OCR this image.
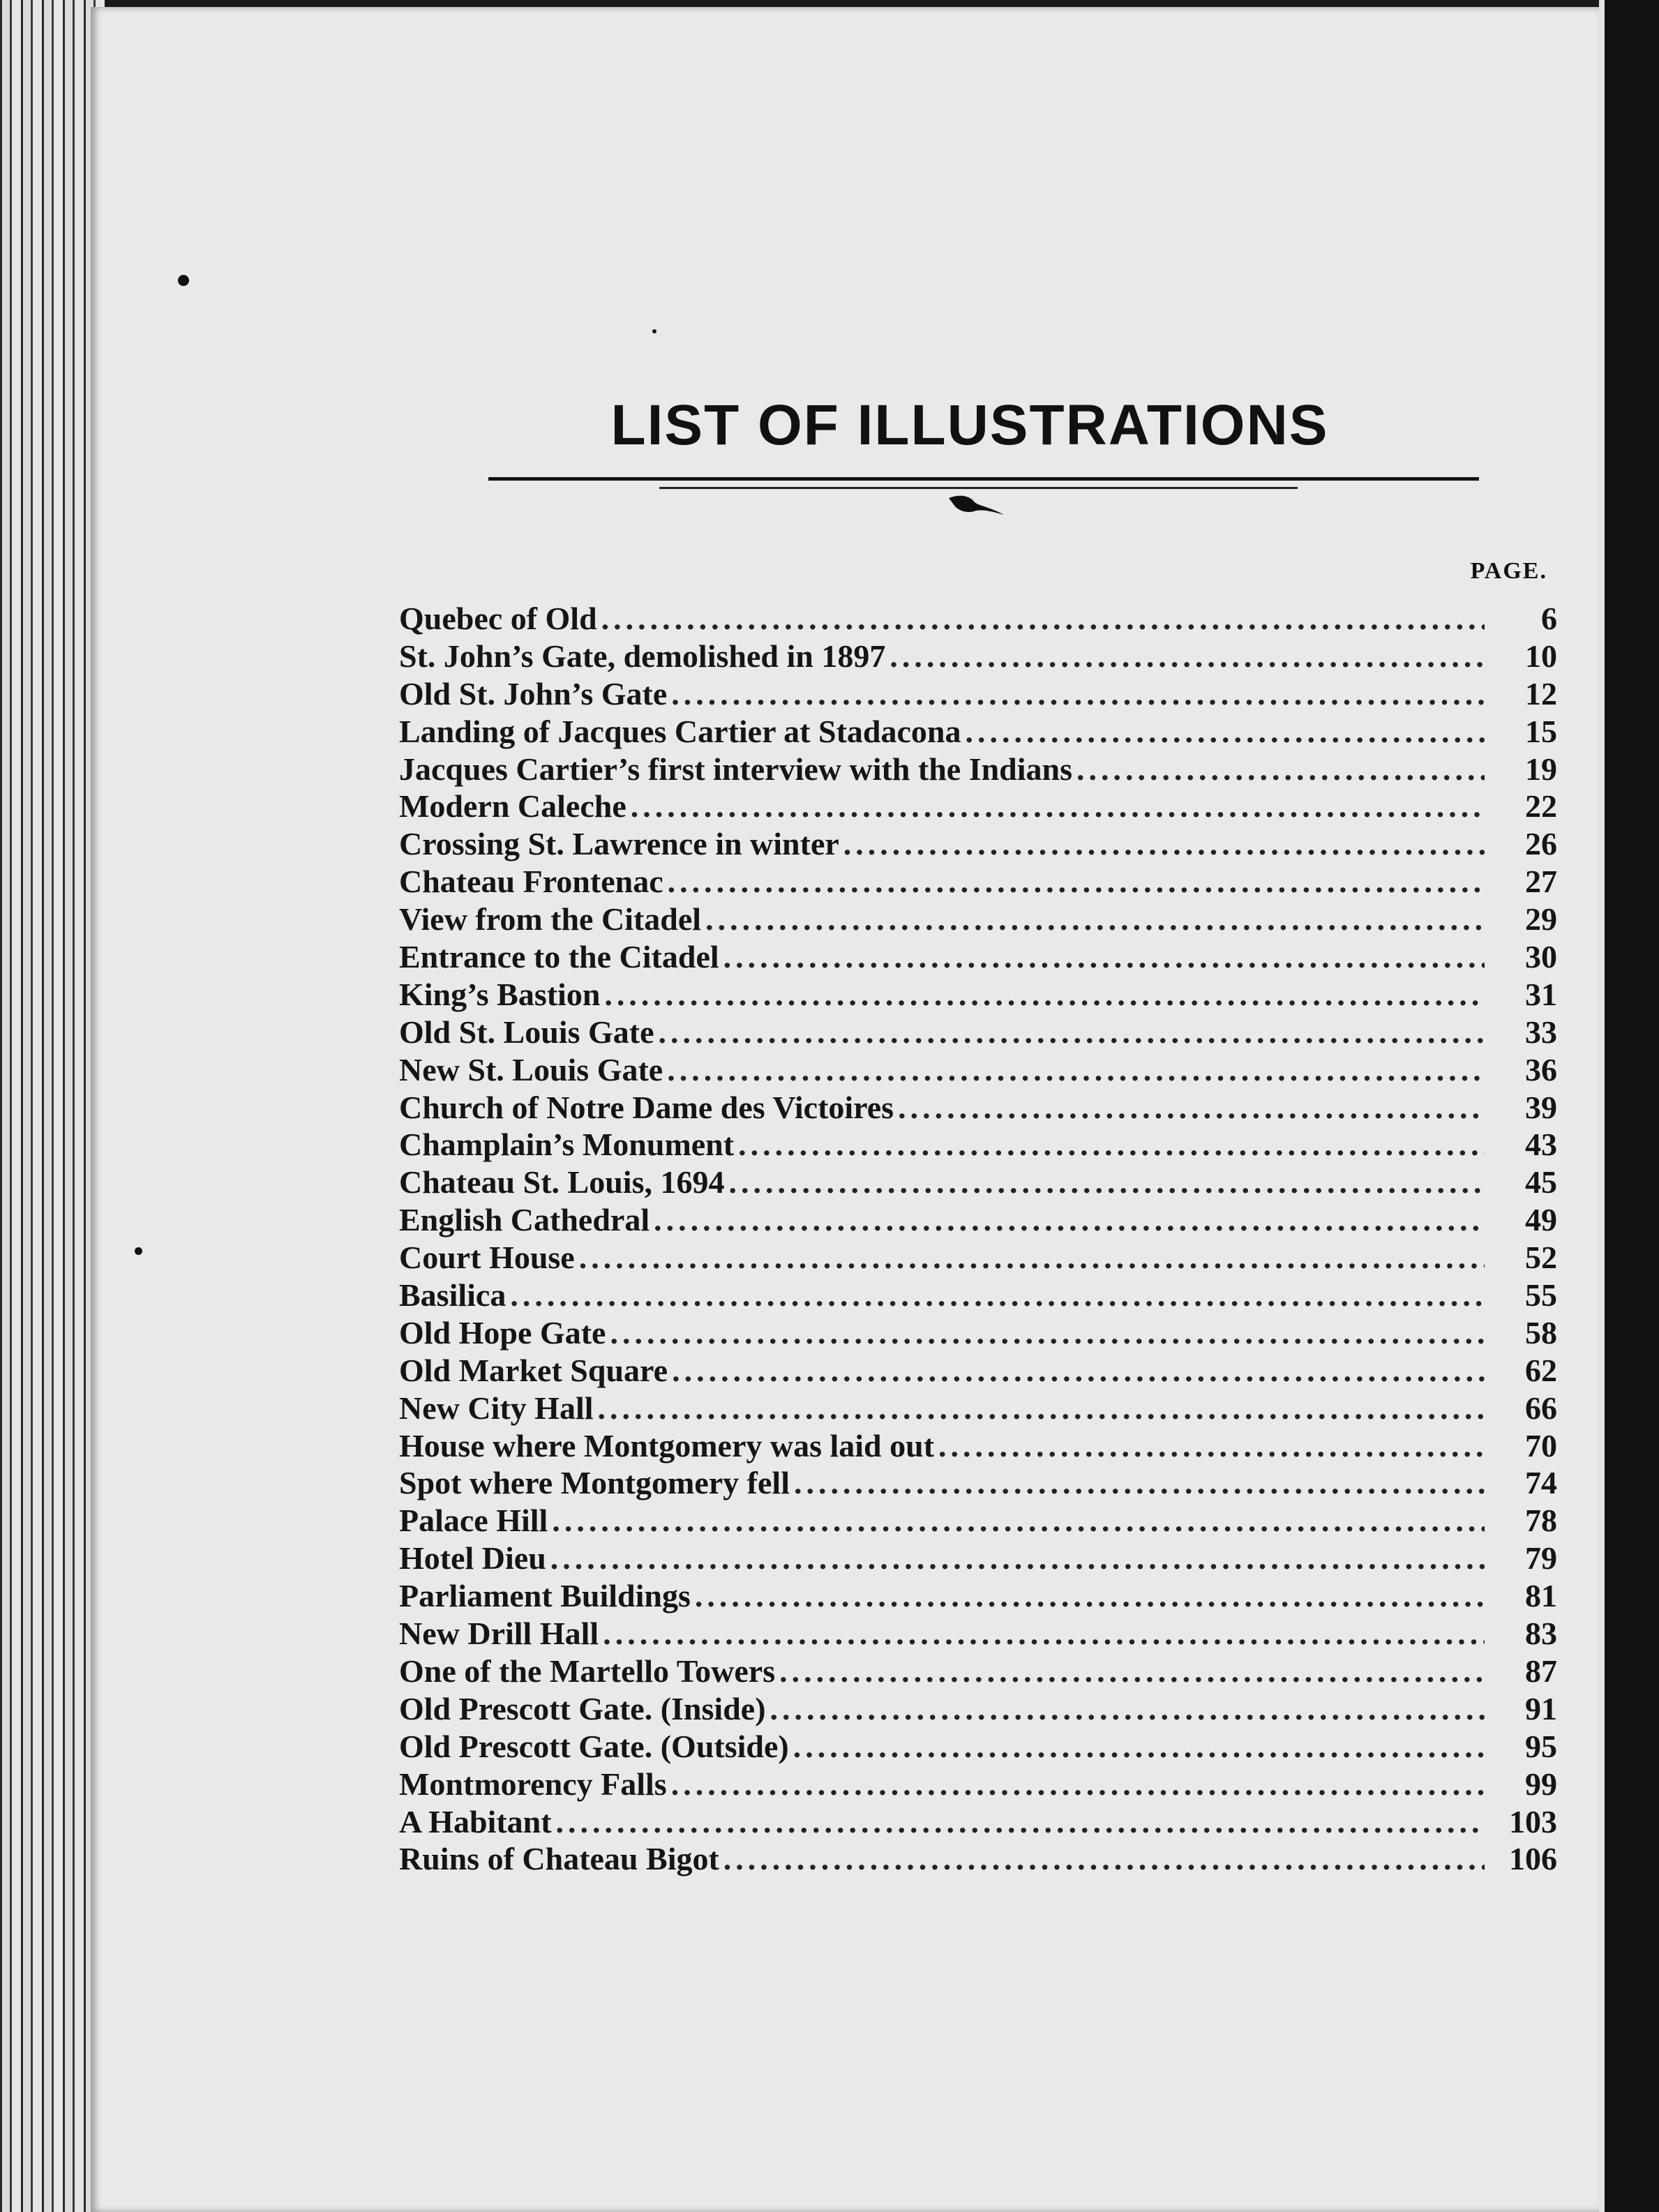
LIST OF ILLUSTRATIONS
PAGE.
Quebec of Old .....	6
St. John’s Gate, demolished in 1897 .....	10
Old St. John’s Gate .....	12
Landing of Jacques Cartier at Stadacona .....	15
Jacques Cartier’s first interview with the Indians .....	19
Modern Caleche .....	22
Crossing St. Lawrence in winter .....	26
Chateau Frontenac .....	27
View from the Citadel .....	29
Entrance to the Citadel .....	30
King’s Bastion .....	31
Old St. Louis Gate .....	33
New St. Louis Gate .....	36
Church of Notre Dame des Victoires .....	39
Champlain’s Monument .....	43
Chateau St. Louis, 1694 .....	45
English Cathedral .....	49
Court House .....	52
Basilica .....	55
Old Hope Gate .....	58
Old Market Square .....	62
New City Hall .....	66
House where Montgomery was laid out .....	70
Spot where Montgomery fell .....	74
Palace Hill .....	78
Hotel Dieu .....	79
Parliament Buildings .....	81
New Drill Hall .....	83
One of the Martello Towers .....	87
Old Prescott Gate. (Inside) .....	91
Old Prescott Gate. (Outside) .....	95
Montmorency Falls .....	99
A Habitant .....	103
Ruins of Chateau Bigot .....	106
